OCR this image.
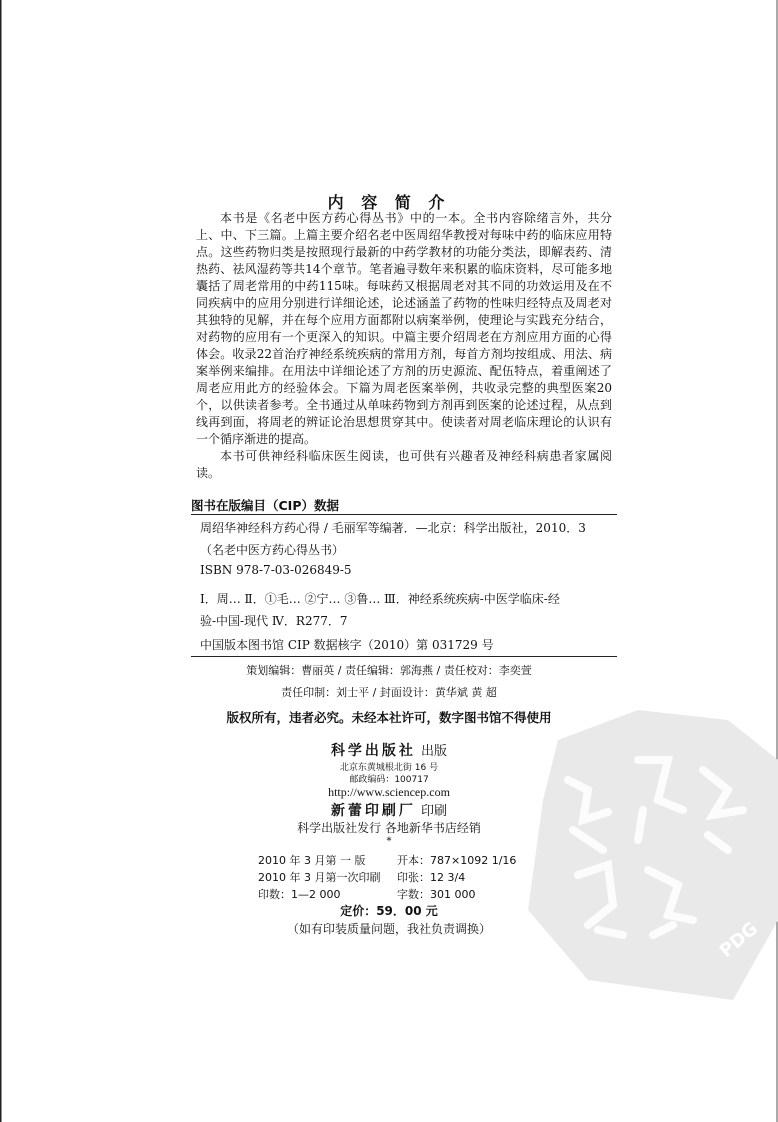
内 容 简 介

本书是《名老中医方药心得丛书》中的一本。全书内容除绪言外，共分上、中、下三篇。上篇主要介绍名老中医周绍华教授对每味中药的临床应用特点。这些药物归类是按照现行最新的中药学教材的功能分类法，即解表药、清热药、祛风湿药等共14个章节。笔者遍寻数年来积累的临床资料，尽可能多地囊括了周老常用的中药115味。每味药又根据周老对其不同的功效运用及在不同疾病中的应用分别进行详细论述，论述涵盖了药物的性味归经特点及周老对其独特的见解，并在每个应用方面都附以病案举例，使理论与实践充分结合，对药物的应用有一个更深入的知识。中篇主要介绍周老在方剂应用方面的心得体会。收录22首治疗神经系统疾病的常用方剂，每首方剂均按组成、用法、病案举例来编排。在用法中详细论述了方剂的历史源流、配伍特点，着重阐述了周老应用此方的经验体会。下篇为周老医案举例，共收录完整的典型医案20个，以供读者参考。全书通过从单味药物到方剂再到医案的论述过程，从点到线再到面，将周老的辨证论治思想贯穿其中。使读者对周老临床理论的认识有一个循序渐进的提高。

本书可供神经科临床医生阅读，也可供有兴趣者及神经科病患者家属阅读。

图书在版编目（CIP）数据
周绍华神经科方药心得 / 毛丽军等编著．—北京：科学出版社，2010．3
（名老中医方药心得丛书）
ISBN 978-7-03-026849-5
Ⅰ．周… Ⅱ．①毛… ②宁… ③鲁… Ⅲ．神经系统疾病-中医学临床-经
验-中国-现代 Ⅳ．R277．7
中国版本图书馆 CIP 数据核字（2010）第 031729 号
策划编辑：曹丽英 / 责任编辑：郭海燕 / 责任校对：李奕萱
责任印制：刘士平 / 封面设计：黄华斌 黄 超
版权所有，违者必究。未经本社许可，数字图书馆不得使用
科学出版社 出版
北京东黄城根北街 16 号
邮政编码：100717
http://www.sciencep.com
新蕾印刷厂 印刷
科学出版社发行 各地新华书店经销
*
2010 年 3 月第 一 版	开本：787×1092 1/16
2010 年 3 月第一次印刷 印张：12 3/4
印数：1—2 000	字数：301 000
定价：59．00 元
（如有印装质量问题，我社负责调换）	PDG
